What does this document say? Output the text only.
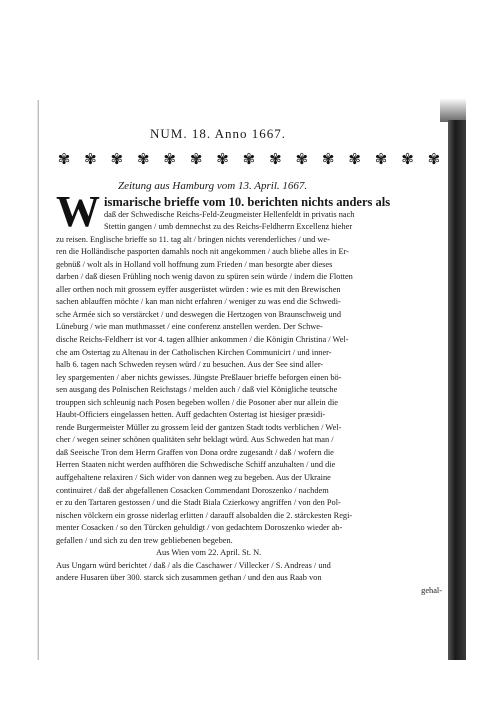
NUM. 18. Anno 1667.
✾ ✾ ✾ ✾ ✾ ✾ ✾ ✾ ✾ ✾ ✾ ✾ ✾ ✾ ✾
Zeitung aus Hamburg vom 13. April. 1667.
W ismarische brieffe vom 10. berichten nichts anders als
daß der Schwedische Reichs-Feld-Zeugmeister Hellenfeldt in privatis nach
Stettin gangen / umb demnechst zu des Reichs-Feldherrn Excellenz hieher
zu reisen. Englische brieffe so 11. tag alt / bringen nichts verenderliches / und we-
ren die Holländische pasporten damahls noch nit angekommen / auch bliebe alles in Er-
gebnüß / wolt als in Holland voll hoffnung zum Frieden / man besorgte aber dieses
darben / daß diesen Frühling noch wenig davon zu spüren sein würde / indem die Flotten
aller orthen noch mit grossem eyffer ausgerüstet würden : wie es mit den Brewischen
sachen ablauffen möchte / kan man nicht erfahren / weniger zu was end die Schwedi-
sche Armée sich so verstärcket / und deswegen die Hertzogen von Braunschweig und
Lüneburg / wie man muthmasset / eine conferenz anstellen werden. Der Schwe-
dische Reichs-Feldherr ist vor 4. tagen allhier ankommen / die Königin Christina / Wel-
che am Ostertag zu Altenau in der Catholischen Kirchen Communicirt / und inner-
halb 6. tagen nach Schweden reysen würd / zu besuchen. Aus der See sind aller-
ley spargementen / aber nichts gewisses. Jüngste Preßlauer brieffe beforgen einen bö-
sen ausgang des Polnischen Reichstags / melden auch / daß viel Königliche teutsche
trouppen sich schleunig nach Posen begeben wollen / die Posoner aber nur allein die
Haubt-Officiers eingelassen hetten. Auff gedachten Ostertag ist hiesiger præsidi-
rende Burgermeister Müller zu grossem leid der gantzen Stadt todts verblichen / Wel-
cher / wegen seiner schönen qualitäten sehr beklagt würd. Aus Schweden hat man /
daß Seeische Tron dem Herrn Graffen von Dona ordre zugesandt / daß / wofern die
Herren Staaten nicht werden auffhören die Schwedische Schiff anzuhalten / und die
auffgehaltene relaxiren / Sich wider von dannen weg zu begeben. Aus der Ukraine
continuiret / daß der abgefallenen Cosacken Commendant Doroszenko / nachdem
er zu den Tartaren gestossen / und die Stadt Biala Czierkowy angriffen / von den Pol-
nischen völckern ein grosse niderlag erlitten / darauff alsobalden die 2. stärckesten Regi-
menter Cosacken / so den Türcken gehuldigt / von gedachtem Doroszenko wieder ab-
gefallen / und sich zu den trew gebliebenen begeben.
Aus Wien vom 22. April. St. N.
Aus Ungarn würd berichtet / daß / als die Caschawer / Villecker / S. Andreas / und
andere Husaren über 300. starck sich zusammen gethan / und den aus Raab von
gehal-
